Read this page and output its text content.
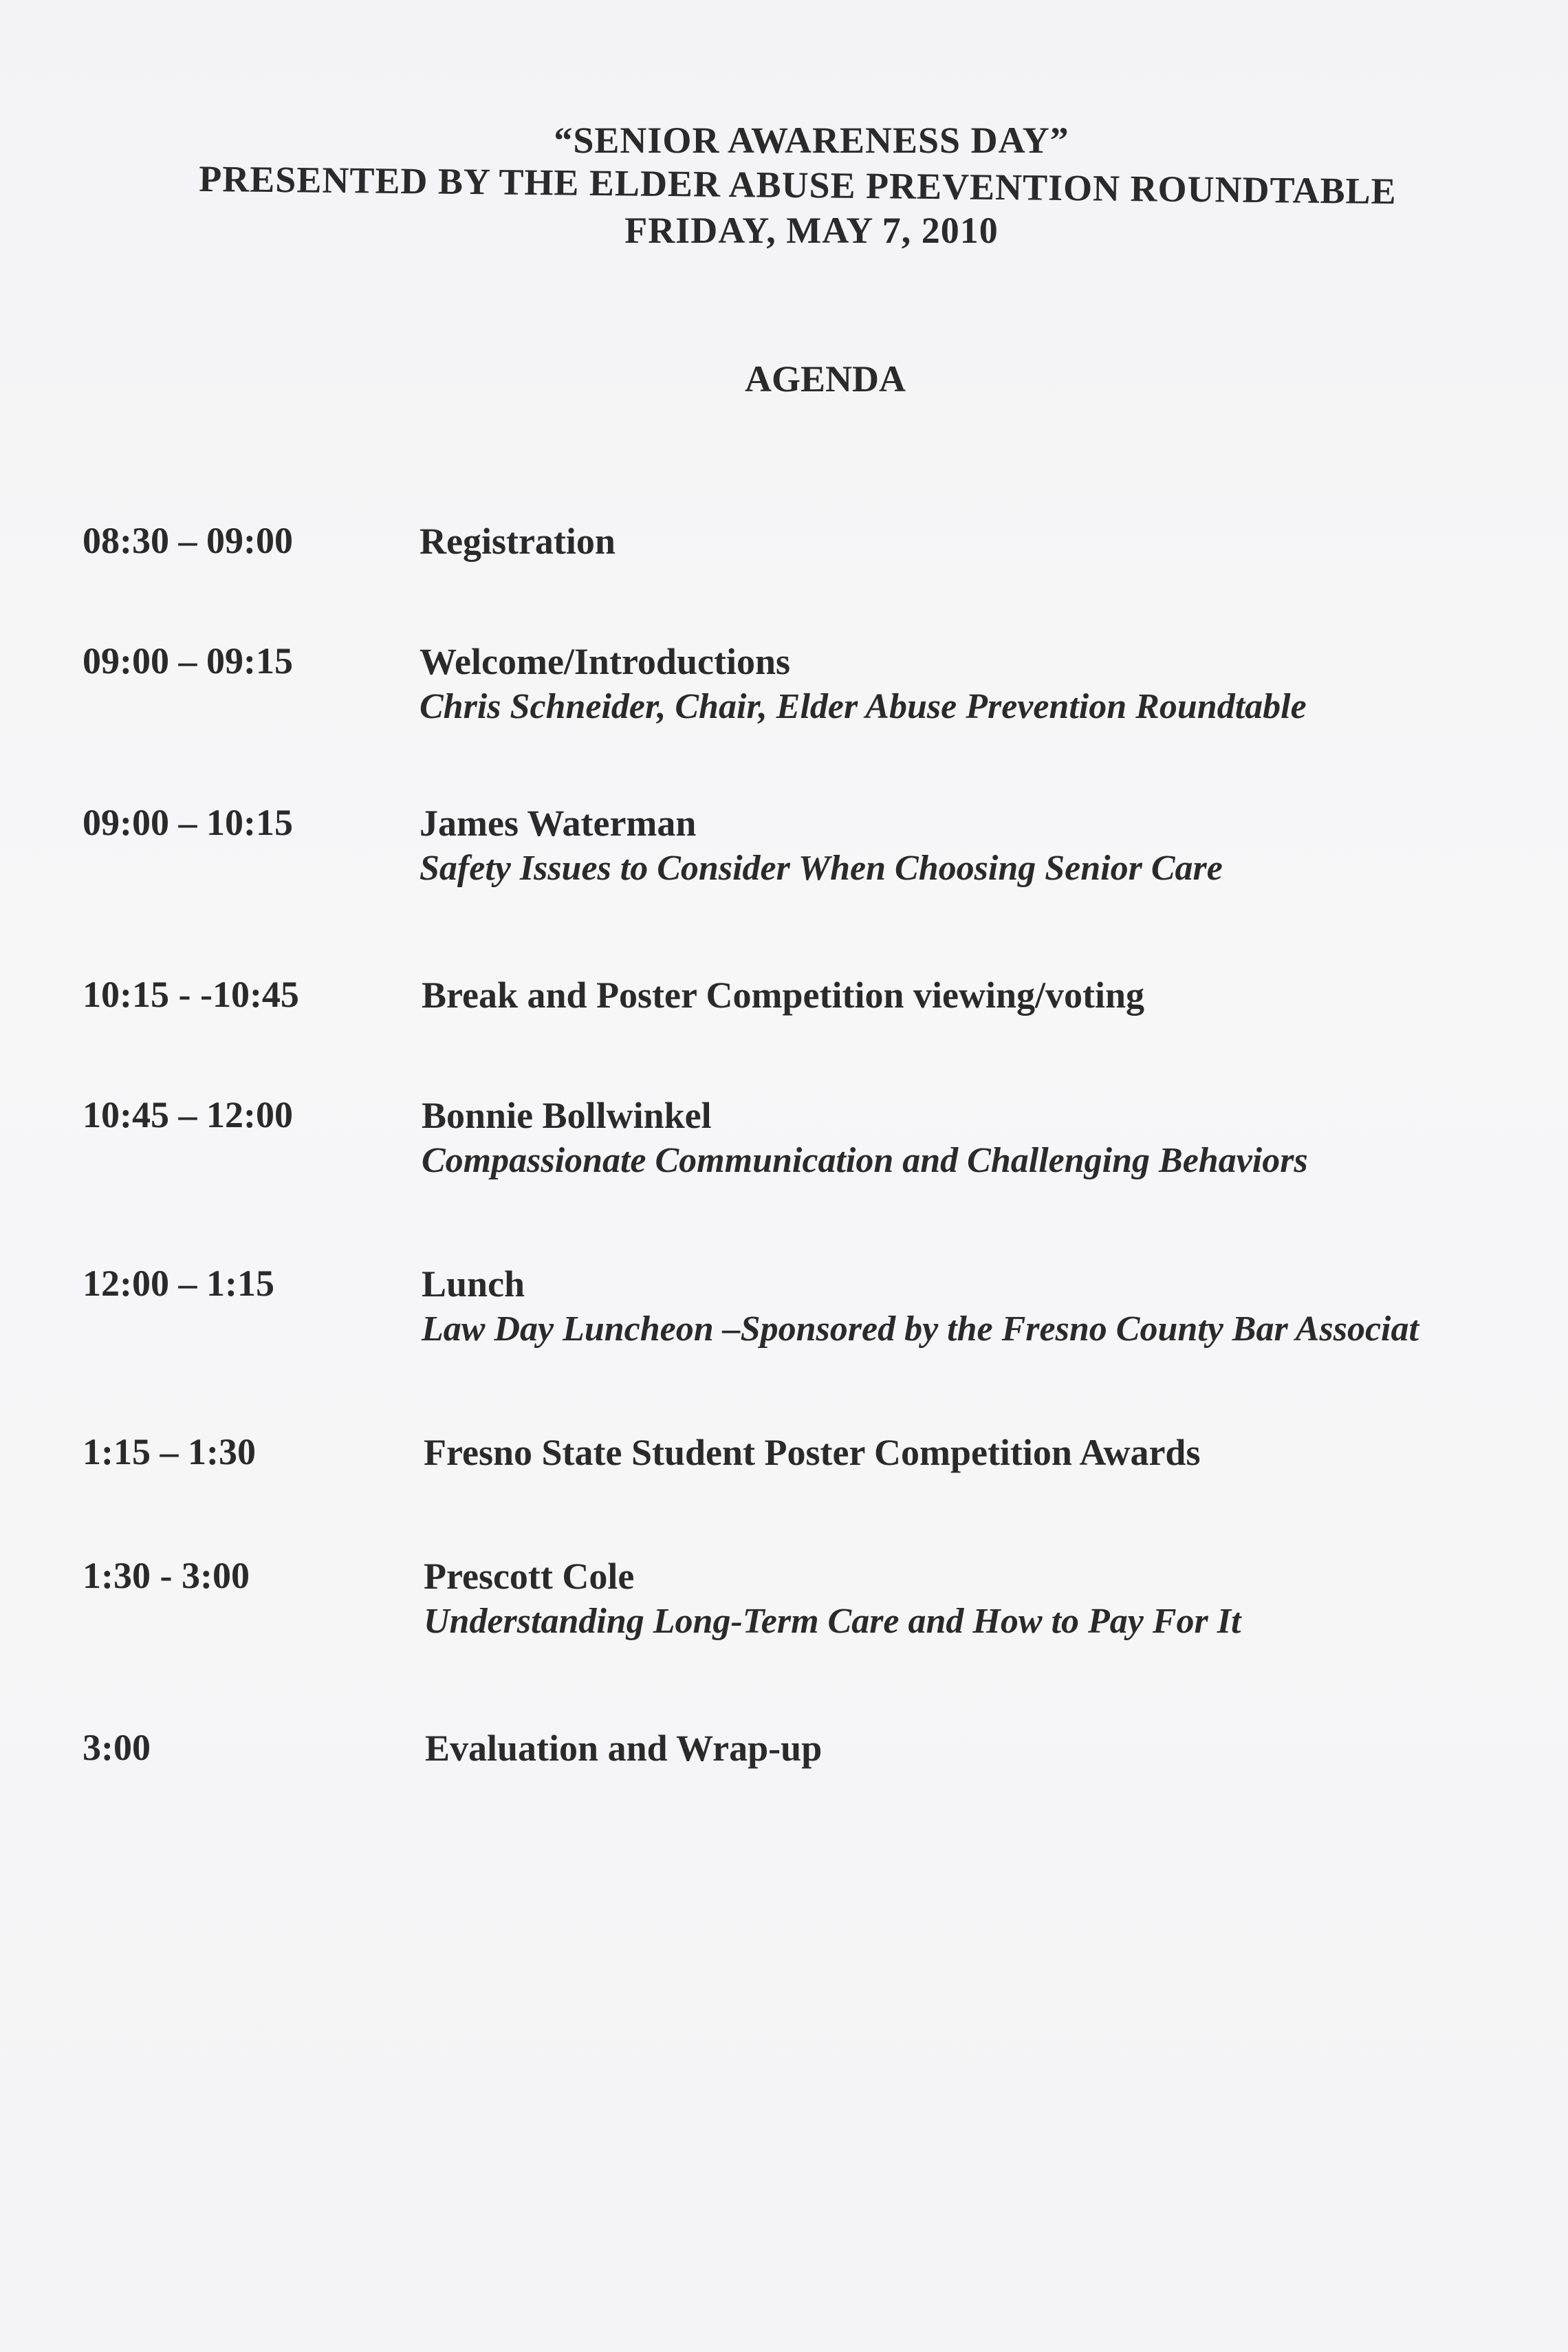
“SENIOR AWARENESS DAY”
PRESENTED BY THE ELDER ABUSE PREVENTION ROUNDTABLE
FRIDAY, MAY 7, 2010
AGENDA
08:30 – 09:00	Registration
09:00 – 09:15	Welcome/Introductions
Chris Schneider, Chair, Elder Abuse Prevention Roundtable
09:00 – 10:15	James Waterman
Safety Issues to Consider When Choosing Senior Care
10:15 - -10:45	Break and Poster Competition viewing/voting
10:45 – 12:00	Bonnie Bollwinkel
Compassionate Communication and Challenging Behaviors
12:00 – 1:15	Lunch
Law Day Luncheon –Sponsored by the Fresno County Bar Associat
1:15 – 1:30	Fresno State Student Poster Competition Awards
1:30 - 3:00	Prescott Cole
Understanding Long-Term Care and How to Pay For It
3:00	Evaluation and Wrap-up
